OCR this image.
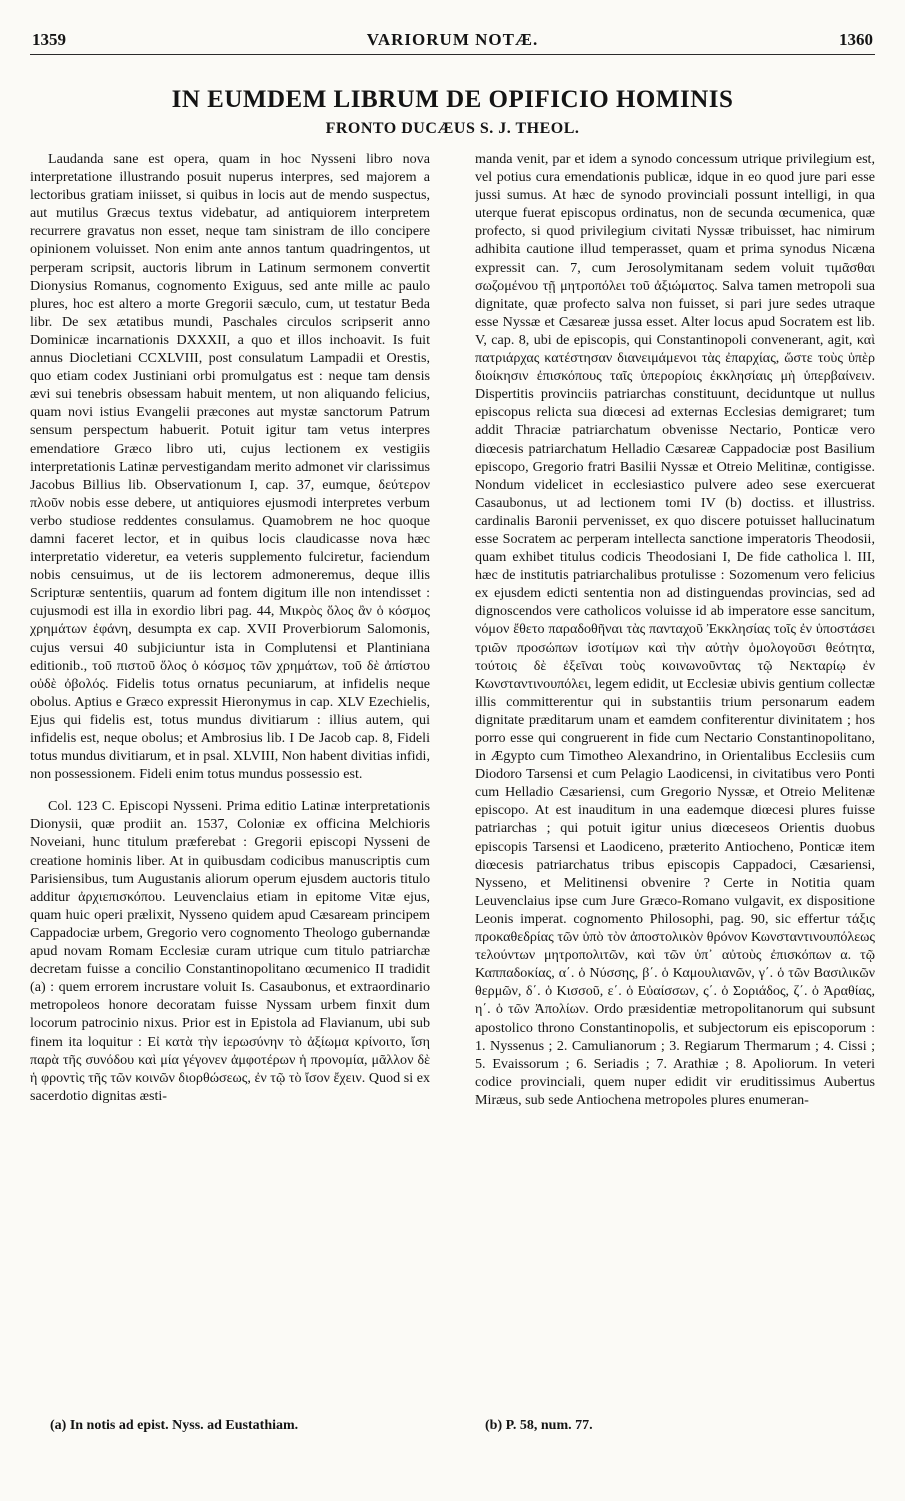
1359	VARIORUM NOTÆ.	1360
IN EUMDEM LIBRUM DE OPIFICIO HOMINIS
FRONTO DUCÆUS S. J. THEOL.

Laudanda sane est opera, quam in hoc Nysseni libro nova interpretatione illustrando posuit nuperus interpres, sed majorem a lectoribus gratiam iniisset, si quibus in locis aut de mendo suspectus, aut mutilus Græcus textus videbatur, ad antiquiorem interpretem recurrere gravatus non esset, neque tam sinistram de illo concipere opinionem voluisset. Non enim ante annos tantum quadringentos, ut perperam scripsit, auctoris librum in Latinum sermonem convertit Dionysius Romanus, cognomento Exiguus, sed ante mille ac paulo plures, hoc est altero a morte Gregorii sæculo, cum, ut testatur Beda libr. De sex ætatibus mundi, Paschales circulos scripserit anno Dominicæ incarnationis DXXXII, a quo et illos inchoavit. Is fuit annus Diocletiani CCXLVIII, post consulatum Lampadii et Orestis, quo etiam codex Justiniani orbi promulgatus est : neque tam densis ævi sui tenebris obsessam habuit mentem, ut non aliquando felicius, quam novi istius Evangelii præcones aut mystæ sanctorum Patrum sensum perspectum habuerit. Potuit igitur tam vetus interpres emendatiore Græco libro uti, cujus lectionem ex vestigiis interpretationis Latinæ pervestigandam merito admonet vir clarissimus Jacobus Billius lib. Observationum I, cap. 37, eumque, δεύτερον πλοῦν nobis esse debere, ut antiquiores ejusmodi interpretes verbum verbo studiose reddentes consulamus. Quamobrem ne hoc quoque damni faceret lector, et in quibus locis claudicasse nova hæc interpretatio videretur, ea veteris supplemento fulciretur, faciendum nobis censuimus, ut de iis lectorem admoneremus, deque illis Scripturæ sententiis, quarum ad fontem digitum ille non intendisset : cujusmodi est illa in exordio libri pag. 44, Μικρὸς ὅλος ἂν ὁ κόσμος χρημάτων ἐφάνη, desumpta ex cap. XVII Proverbiorum Salomonis, cujus versui 40 subjiciuntur ista in Complutensi et Plantiniana editionib., τοῦ πιστοῦ ὅλος ὁ κόσμος τῶν χρημάτων, τοῦ δὲ ἀπίστου οὐδὲ ὀβολός. Fidelis totus ornatus pecuniarum, at infidelis neque obolus. Aptius e Græco expressit Hieronymus in cap. XLV Ezechielis, Ejus qui fidelis est, totus mundus divitiarum : illius autem, qui infidelis est, neque obolus; et Ambrosius lib. I De Jacob cap. 8, Fideli totus mundus divitiarum, et in psal. XLVIII, Non habent divitias infidi, non possessionem. Fideli enim totus mundus possessio est.

Col. 123 C. Episcopi Nysseni. Prima editio Latinæ interpretationis Dionysii, quæ prodiit an. 1537, Coloniæ ex officina Melchioris Noveiani, hunc titulum præferebat : Gregorii episcopi Nysseni de creatione hominis liber. At in quibusdam codicibus manuscriptis cum Parisiensibus, tum Augustanis aliorum operum ejusdem auctoris titulo additur ἀρχιεπισκόπου. Leuvenclaius etiam in epitome Vitæ ejus, quam huic operi prælixit, Nysseno quidem apud Cæsaream principem Cappadociæ urbem, Gregorio vero cognomento Theologo gubernandæ apud novam Romam Ecclesiæ curam utrique cum titulo patriarchæ decretam fuisse a concilio Constantinopolitano œcumenico II tradidit (a) : quem errorem incrustare voluit Is. Casaubonus, et extraordinario metropoleos honore decoratam fuisse Nyssam urbem finxit dum locorum patrocinio nixus. Prior est in Epistola ad Flavianum, ubi sub finem ita loquitur : Εἰ κατὰ τὴν ἱερωσύνην τὸ ἀξίωμα κρίνοιτο, ἴση παρὰ τῆς συνόδου καὶ μία γέγονεν ἀμφοτέρων ἡ προνομία, μᾶλλον δὲ ἡ φροντὶς τῆς τῶν κοινῶν διορθώσεως, ἐν τῷ τὸ ἴσον ἔχειν. Quod si ex sacerdotio dignitas æsti-

manda venit, par et idem a synodo concessum utrique privilegium est, vel potius cura emendationis publicæ, idque in eo quod jure pari esse jussi sumus. At hæc de synodo provinciali possunt intelligi, in qua uterque fuerat episcopus ordinatus, non de secunda œcumenica, quæ profecto, si quod privilegium civitati Nyssæ tribuisset, hac nimirum adhibita cautione illud temperasset, quam et prima synodus Nicæna expressit can. 7, cum Jerosolymitanam sedem voluit τιμᾶσθαι σωζομένου τῇ μητροπόλει τοῦ ἀξιώματος. Salva tamen metropoli sua dignitate, quæ profecto salva non fuisset, si pari jure sedes utraque esse Nyssæ et Cæsareæ jussa esset. Alter locus apud Socratem est lib. V, cap. 8, ubi de episcopis, qui Constantinopoli convenerant, agit, καὶ πατριάρχας κατέστησαν διανειμάμενοι τὰς ἐπαρχίας, ὥστε τοὺς ὑπὲρ διοίκησιν ἐπισκόπους ταῖς ὑπερορίοις ἐκκλησίαις μὴ ὑπερβαίνειν. Dispertitis provinciis patriarchas constituunt, deciduntque ut nullus episcopus relicta sua diœcesi ad externas Ecclesias demigraret; tum addit Thraciæ patriarchatum obvenisse Nectario, Ponticæ vero diœcesis patriarchatum Helladio Cæsareæ Cappadociæ post Basilium episcopo, Gregorio fratri Basilii Nyssæ et Otreio Melitinæ, contigisse. Nondum videlicet in ecclesiastico pulvere adeo sese exercuerat Casaubonus, ut ad lectionem tomi IV (b) doctiss. et illustriss. cardinalis Baronii pervenisset, ex quo discere potuisset hallucinatum esse Socratem ac perperam intellecta sanctione imperatoris Theodosii, quam exhibet titulus codicis Theodosiani I, De fide catholica l. III, hæc de institutis patriarchalibus protulisse : Sozomenum vero felicius ex ejusdem edicti sententia non ad distinguendas provincias, sed ad dignoscendos vere catholicos voluisse id ab imperatore esse sancitum, νόμον ἔθετο παραδοθῆναι τὰς πανταχοῦ Ἐκκλησίας τοῖς ἐν ὑποστάσει τριῶν προσώπων ἰσοτίμων καὶ τὴν αὐτὴν ὁμολογοῦσι θεότητα, τούτοις δὲ ἐξεῖναι τοὺς κοινωνοῦντας τῷ Νεκταρίῳ ἐν Κωνσταντινουπόλει, legem edidit, ut Ecclesiæ ubivis gentium collectæ illis committerentur qui in substantiis trium personarum eadem dignitate præditarum unam et eamdem confiterentur divinitatem ; hos porro esse qui congruerent in fide cum Nectario Constantinopolitano, in Ægypto cum Timotheo Alexandrino, in Orientalibus Ecclesiis cum Diodoro Tarsensi et cum Pelagio Laodicensi, in civitatibus vero Ponti cum Helladio Cæsariensi, cum Gregorio Nyssæ, et Otreio Melitenæ episcopo. At est inauditum in una eademque diœcesi plures fuisse patriarchas ; qui potuit igitur unius diœceseos Orientis duobus episcopis Tarsensi et Laodiceno, præterito Antiocheno, Ponticæ item diœcesis patriarchatus tribus episcopis Cappadoci, Cæsariensi, Nysseno, et Melitinensi obvenire ? Certe in Notitia quam Leuvenclaius ipse cum Jure Græco-Romano vulgavit, ex dispositione Leonis imperat. cognomento Philosophi, pag. 90, sic effertur τάξις προκαθεδρίας τῶν ὑπὸ τὸν ἀποστολικὸν θρόνον Κωνσταντινουπόλεως τελούντων μητροπολιτῶν, καὶ τῶν ὑπ᾽ αὐτοὺς ἐπισκόπων α. τῷ Καππαδοκίας, α΄. ὁ Νύσσης, β΄. ὁ Καμουλιανῶν, γ΄. ὁ τῶν Βασιλικῶν θερμῶν, δ΄. ὁ Κισσοῦ, ε΄. ὁ Εὐαίσσων, ς΄. ὁ Σοριάδος, ζ΄. ὁ Ἀραθίας, η΄. ὁ τῶν Ἀπολίων. Ordo præsidentiæ metropolitanorum qui subsunt apostolico throno Constantinopolis, et subjectorum eis episcoporum : 1. Nyssenus ; 2. Camulianorum ; 3. Regiarum Thermarum ; 4. Cissi ; 5. Evaissorum ; 6. Seriadis ; 7. Arathiæ ; 8. Apoliorum. In veteri codice provinciali, quem nuper edidit vir eruditissimus Aubertus Miræus, sub sede Antiochena metropoles plures enumeran-

(a) In notis ad epist. Nyss. ad Eustathiam.	(b) P. 58, num. 77.
